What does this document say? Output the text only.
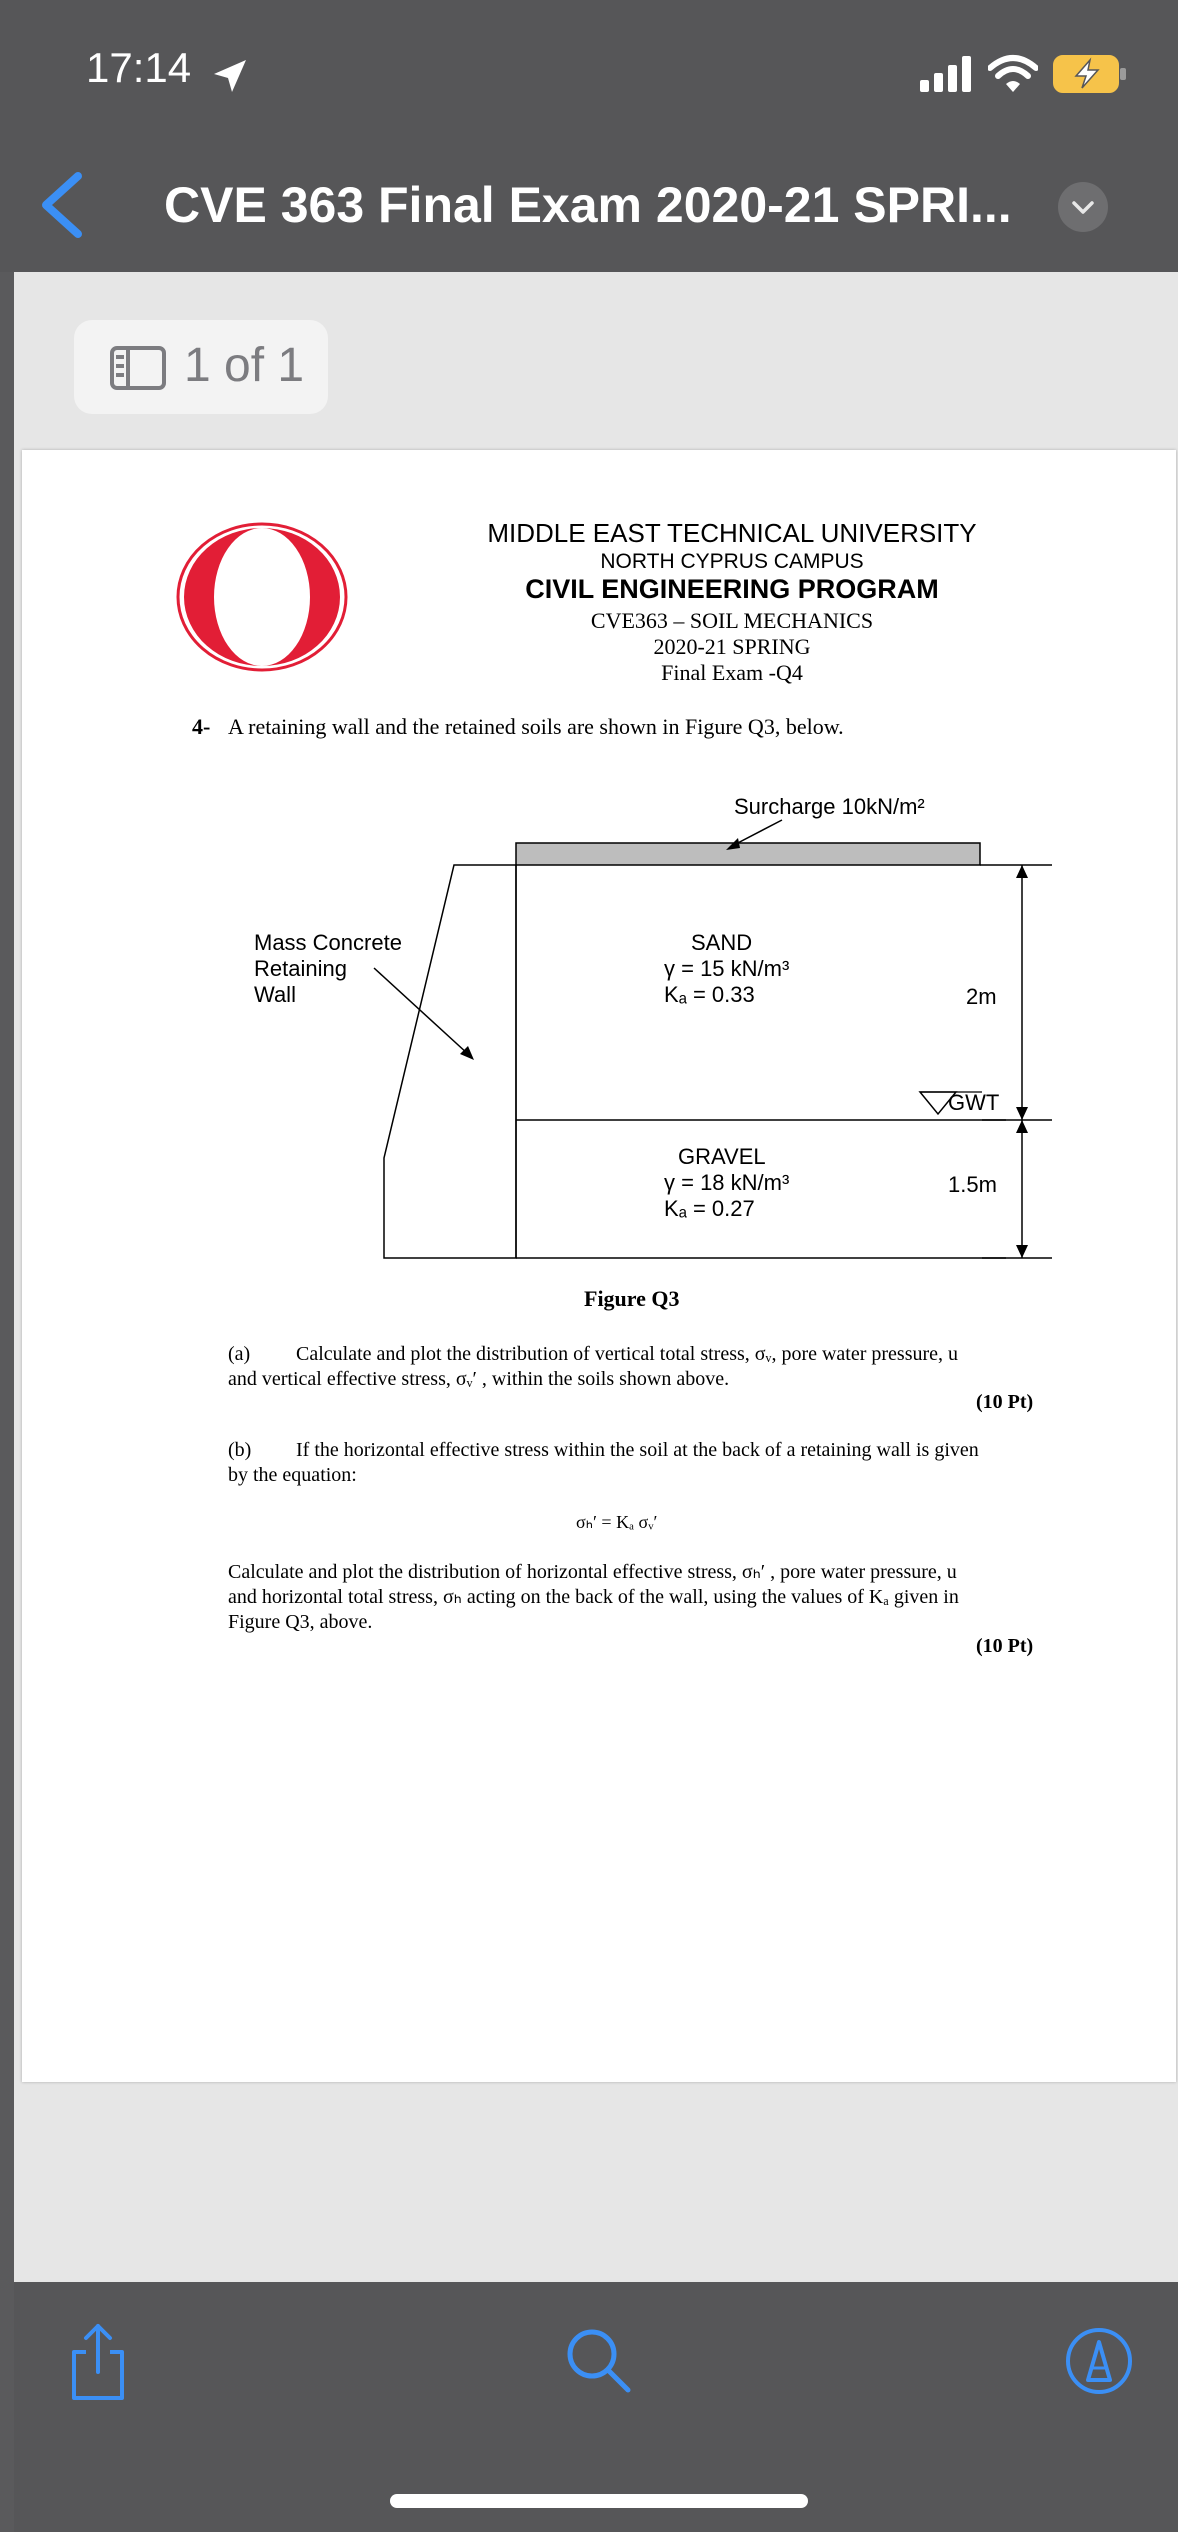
17:14
CVE 363 Final Exam 2020-21 SPRI...
1 of 1
MIDDLE EAST TECHNICAL UNIVERSITY
NORTH CYPRUS CAMPUS
CIVIL ENGINEERING PROGRAM
CVE363 – SOIL MECHANICS
2020-21 SPRING
Final Exam -Q4
4- A retaining wall and the retained soils are shown in Figure Q3, below.
Surcharge 10kN/m²
Mass Concrete
Retaining
Wall
SAND
γ = 15 kN/m³
Kₐ = 0.33	2m
GWT
GRAVEL
γ = 18 kN/m³
Kₐ = 0.27
1.5m
Figure Q3
(a) Calculate and plot the distribution of vertical total stress, σᵥ, pore water pressure, u
and vertical effective stress, σᵥ′ , within the soils shown above.
(10 Pt)
(b) If the horizontal effective stress within the soil at the back of a retaining wall is given
by the equation:
σₕ′ = Kₐ σᵥ′
Calculate and plot the distribution of horizontal effective stress, σₕ′ , pore water pressure, u
and horizontal total stress, σₕ acting on the back of the wall, using the values of Kₐ given in
Figure Q3, above.
(10 Pt)
